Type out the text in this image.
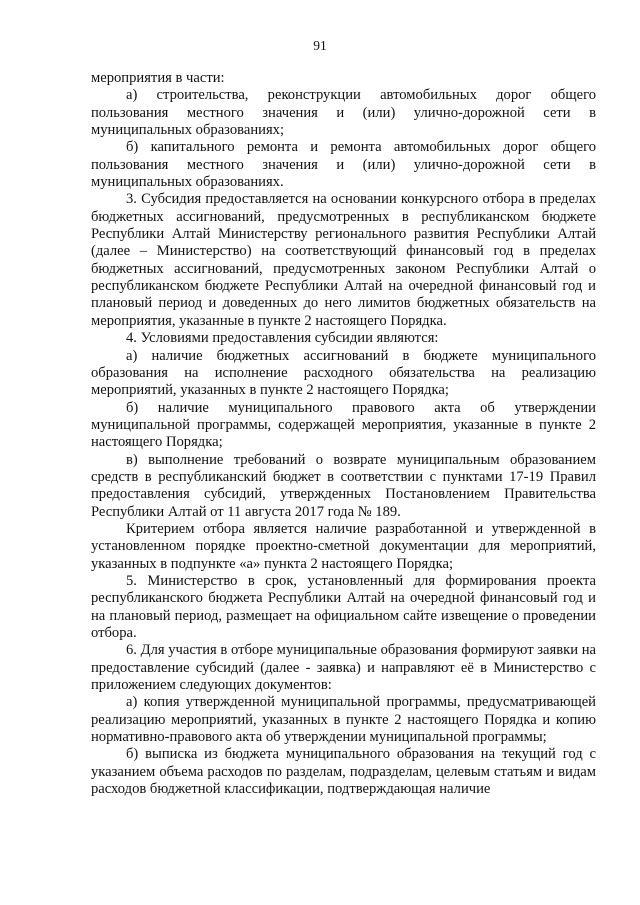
91

мероприятия в части:

а) строительства, реконструкции автомобильных дорог общего пользования местного значения и (или) улично-дорожной сети в муниципальных образованиях;

б) капитального ремонта и ремонта автомобильных дорог общего пользования местного значения и (или) улично-дорожной сети в муниципальных образованиях.

3. Субсидия предоставляется на основании конкурсного отбора в пределах бюджетных ассигнований, предусмотренных в республиканском бюджете Республики Алтай Министерству регионального развития Республики Алтай (далее – Министерство) на соответствующий финансовый год в пределах бюджетных ассигнований, предусмотренных законом Республики Алтай о республиканском бюджете Республики Алтай на очередной финансовый год и плановый период и доведенных до него лимитов бюджетных обязательств на мероприятия, указанные в пункте 2 настоящего Порядка.

4. Условиями предоставления субсидии являются:

а) наличие бюджетных ассигнований в бюджете муниципального образования на исполнение расходного обязательства на реализацию мероприятий, указанных в пункте 2 настоящего Порядка;

б) наличие муниципального правового акта об утверждении муниципальной программы, содержащей мероприятия, указанные в пункте 2 настоящего Порядка;

в) выполнение требований о возврате муниципальным образованием средств в республиканский бюджет в соответствии с пунктами 17-19 Правил предоставления субсидий, утвержденных Постановлением Правительства Республики Алтай от 11 августа 2017 года № 189.

Критерием отбора является наличие разработанной и утвержденной в установленном порядке проектно-сметной документации для мероприятий, указанных в подпункте «а» пункта 2 настоящего Порядка;

5. Министерство в срок, установленный для формирования проекта республиканского бюджета Республики Алтай на очередной финансовый год и на плановый период, размещает на официальном сайте извещение о проведении отбора.

6. Для участия в отборе муниципальные образования формируют заявки на предоставление субсидий (далее - заявка) и направляют её в Министерство с приложением следующих документов:

а) копия утвержденной муниципальной программы, предусматривающей реализацию мероприятий, указанных в пункте 2 настоящего Порядка и копию нормативно-правового акта об утверждении муниципальной программы;

б) выписка из бюджета муниципального образования на текущий год с указанием объема расходов по разделам, подразделам, целевым статьям и видам расходов бюджетной классификации, подтверждающая наличие
